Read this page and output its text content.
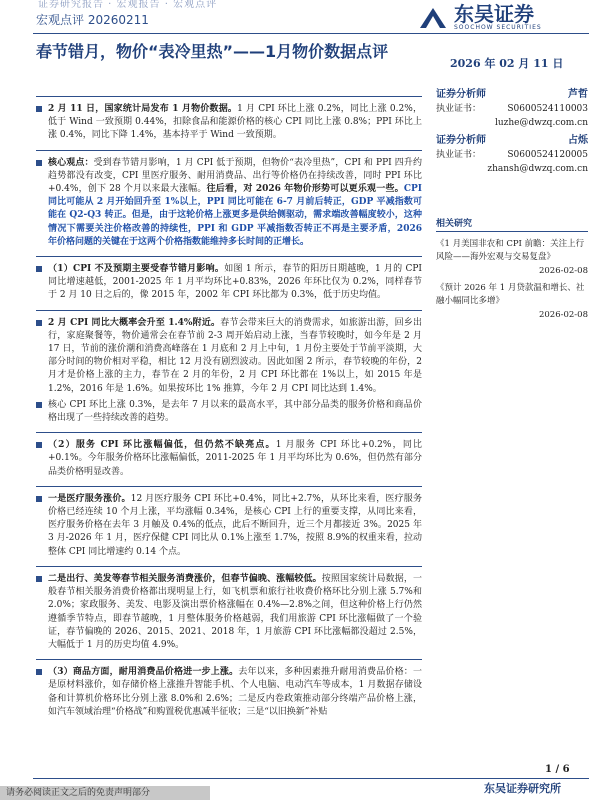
证券研究报告 · 宏观报告 · 宏观点评
宏观点评 20260211	东吴证券
SOOCHOW SECURITIES
春节错月，物价“表冷里热”——1月物价数据点评
2026 年 02 月 11 日
2 月 11 日，国家统计局发布 1 月物价数据。1 月 CPI 环比上涨 0.2%，同比上涨 0.2%，低于 Wind 一致预期 0.44%，扣除食品和能源价格的核心 CPI 同比上涨 0.8%；PPI 环比上涨 0.4%，同比下降 1.4%，基本持平于 Wind 一致预期。
核心观点：受到春节错月影响，1 月 CPI 低于预期，但物价“表冷里热”，CPI 和 PPI 四升约趋势都没有改变，CPI 里医疗服务、耐用消费品、出行等价格仍在持续改善，同时 PPI 环比+0.4%，创下 28 个月以来最大涨幅。往后看，对 2026 年物价形势可以更乐观一些。CPI 同比可能从 2 月开始回升至 1%以上，PPI 同比可能在 6-7 月前后转正，GDP 平减指数可能在 Q2-Q3 转正。但是，由于这轮价格上涨更多是供给侧驱动，需求端改善幅度较小，这种情况下需要关注价格改善的持续性，PPI 和 GDP 平减指数否转正不再是主要矛盾，2026 年价格问题的关键在于这两个价格指数能维持多长时间的正增长。
（1）CPI 不及预期主要受春节错月影响。如图 1 所示，春节的阳历日期越晚，1 月的 CPI 同比增速越低，2001-2025 年 1 月平均环比+0.83%，2026 年环比仅为 0.2%，同样春节于 2 月 10 日之后的，像 2015 年，2002 年 CPI 环比都为 0.3%，低于历史均值。
2 月 CPI 同比大概率会升至 1.4%附近。春节会带来巨大的消费需求，如旅游出游，回乡出行，家庭聚餐等，物价通常会在春节前 2-3 周开始启动上涨，当春节较晚时，如今年是 2 月 17 日，节前的涨价潮和消费高峰落在 1 月底和 2 月上中旬，1 月份主要处于节前平淡期，大部分时间的物价相对平稳，相比 12 月没有剧烈波动。因此如图 2 所示，春节较晚的年份，2 月才是价格上涨的主力，春节在 2 月的年份，2 月 CPI 环比都在 1%以上，如 2015 年是 1.2%，2016 年是 1.6%。如果按环比 1% 推算，今年 2 月 CPI 同比达到 1.4%。
核心 CPI 环比上涨 0.3%，是去年 7 月以来的最高水平，其中部分品类的服务价格和商品价格出现了一些持续改善的趋势。
（2）服务 CPI 环比涨幅偏低，但仍然不缺亮点。1 月服务 CPI 环比+0.2%，同比+0.1%。今年服务价格环比涨幅偏低，2011-2025 年 1 月平均环比为 0.6%，但仍然有部分品类价格明显改善。
一是医疗服务涨价。12 月医疗服务 CPI 环比+0.4%，同比+2.7%，从环比来看，医疗服务价格已经连续 10 个月上涨，平均涨幅 0.34%，是核心 CPI 上行的重要支撑，从同比来看，医疗服务价格在去年 3 月触及 0.4%的低点，此后不断回升，近三个月都接近 3%。2025 年 3 月-2026 年 1 月，医疗保健 CPI 同比从 0.1%上涨至 1.7%，按照 8.9%的权重来看，拉动整体 CPI 同比增速约 0.14 个点。
二是出行、美发等春节相关服务消费涨价，但春节偏晚、涨幅较低。按照国家统计局数据，一般春节相关服务消费价格都出现明显上行，如飞机票和旅行社收费价格环比分别上涨 5.7%和 2.0%；家政服务、美发、电影及演出票价格涨幅在 0.4%—2.8%之间，但这种价格上行仍然遵循季节特点，即春节越晚，1 月整体服务价格越弱，我们用旅游 CPI 环比涨幅做了一个验证，春节偏晚的 2026、2015、2021、2018 年，1 月旅游 CPI 环比涨幅都没超过 2.5%，大幅低于 1 月的历史均值 4.9%。
（3）商品方面，耐用消费品价格进一步上涨。去年以来，多种因素推升耐用消费品价格：一是原材料涨价，如存储价格上涨推升智能手机、个人电脑、电动汽车等成本，1 月数据存储设备和计算机价格环比分别上涨 8.0%和 2.6%；二是反内卷政策推动部分终端产品价格上涨，如汽车领域治理“价格战”和购置税优惠减半征收；三是“以旧换新”补贴
证券分析师	芦哲
执业证书：	S0600524110003
luzhe@dwzq.com.cn
证券分析师	占烁
执业证书：	S0600524120005
zhansh@dwzq.com.cn
相关研究
《1 月美国非农和 CPI 前瞻：关注上行风险——海外宏观与交易复盘》
2026-02-08
《预计 2026 年 1 月贷款温和增长、社融小幅同比多增》
2026-02-08
1 / 6
东吴证券研究所
请务必阅读正文之后的免责声明部分
